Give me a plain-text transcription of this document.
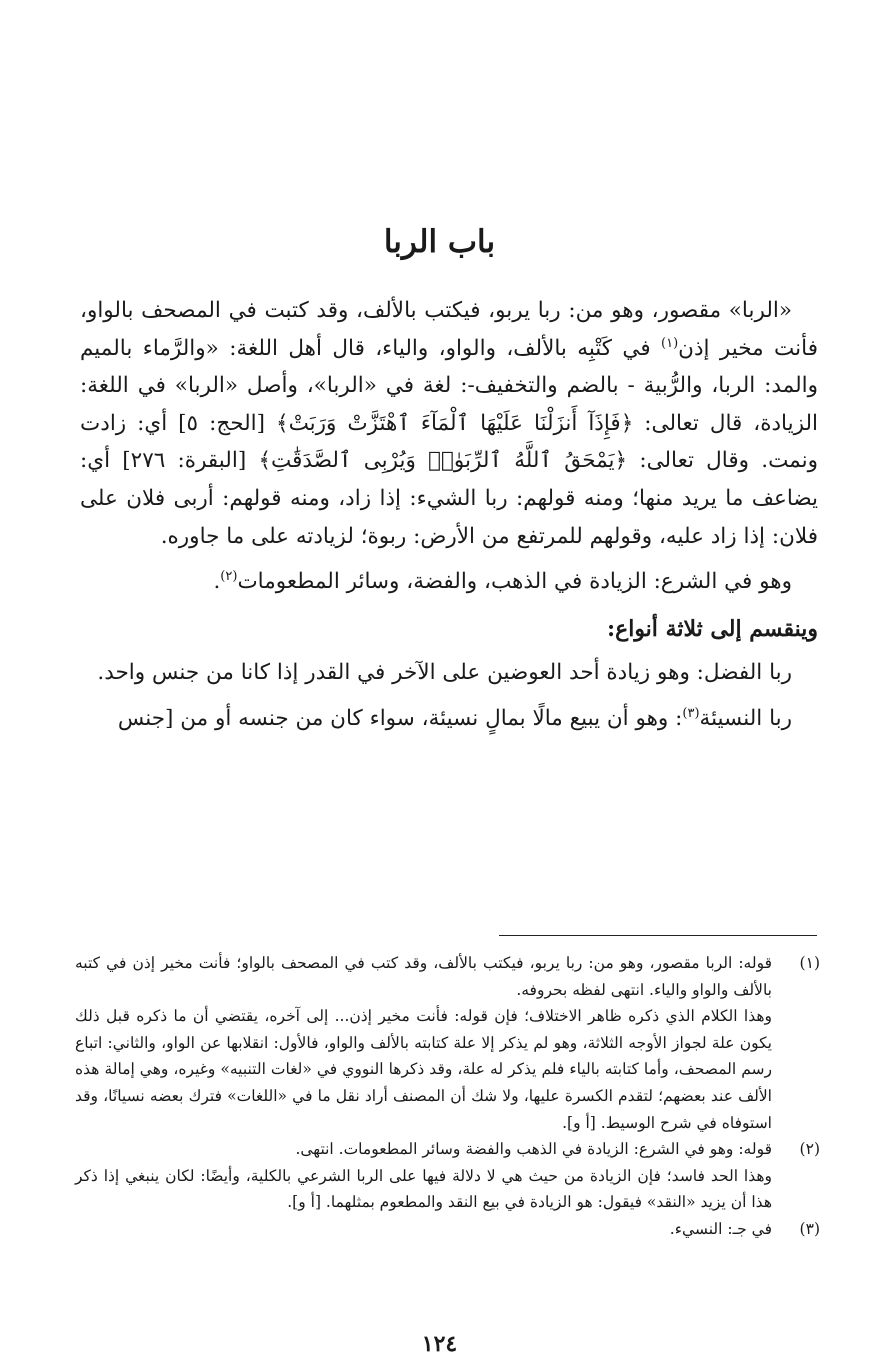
باب الربا

«الربا» مقصور، وهو من: ربا يربو، فيكتب بالألف، وقد كتبت في المصحف بالواو، فأنت مخير إذن$^{(١)}$ في كَتْبِه بالألف، والواو، والياء، قال أهل اللغة: «والرَّماء بالميم والمد: الربا، والرُّبية - بالضم والتخفيف-: لغة في «الربا»، وأصل «الربا» في اللغة: الزيادة، قال تعالى: ﴿فَإِذَآ أَنزَلْنَا عَلَيْهَا ٱلْمَآءَ ٱهْتَزَّتْ وَرَبَتْ﴾ [الحج: ٥] أي: زادت ونمت. وقال تعالى: ﴿يَمْحَقُ ٱللَّهُ ٱلرِّبَوٰا۟ وَيُرْبِى ٱلصَّدَقَٰتِ﴾ [البقرة: ٢٧٦] أي: يضاعف ما يريد منها؛ ومنه قولهم: ربا الشيء: إذا زاد، ومنه قولهم: أربى فلان على فلان: إذا زاد عليه، وقولهم للمرتفع من الأرض: ربوة؛ لزيادته على ما جاوره.

وهو في الشرع: الزيادة في الذهب، والفضة، وسائر المطعومات$^{(٢)}$.

وينقسم إلى ثلاثة أنواع:

ربا الفضل: وهو زيادة أحد العوضين على الآخر في القدر إذا كانا من جنس واحد.

ربا النسيئة$^{(٣)}$: وهو أن يبيع مالًا بمالٍ نسيئة، سواء كان من جنسه أو من [جنس

(١)

قوله: الربا مقصور، وهو من: ربا يربو، فيكتب بالألف، وقد كتب في المصحف بالواو؛ فأنت مخير إذن في كتبه بالألف والواو والياء. انتهى لفظه بحروفه.

وهذا الكلام الذي ذكره ظاهر الاختلاف؛ فإن قوله: فأنت مخير إذن... إلى آخره، يقتضي أن ما ذكره قبل ذلك يكون علة لجواز الأوجه الثلاثة، وهو لم يذكر إلا علة كتابته بالألف والواو، فالأول: انقلابها عن الواو، والثاني: اتباع رسم المصحف، وأما كتابته بالياء فلم يذكر له علة، وقد ذكرها النووي في «لغات التنبيه» وغيره، وهي إمالة هذه الألف عند بعضهم؛ لتقدم الكسرة عليها، ولا شك أن المصنف أراد نقل ما في «اللغات» فترك بعضه نسيانًا، وقد استوفاه في شرح الوسيط. [أ و].

(٢)

قوله: وهو في الشرع: الزيادة في الذهب والفضة وسائر المطعومات. انتهى.

وهذا الحد فاسد؛ فإن الزيادة من حيث هي لا دلالة فيها على الربا الشرعي بالكلية، وأيضًا: لكان ينبغي إذا ذكر هذا أن يزيد «النقد» فيقول: هو الزيادة في بيع النقد والمطعوم بمثلهما. [أ و].

(٣)

في جـ: النسيء.

١٢٤
